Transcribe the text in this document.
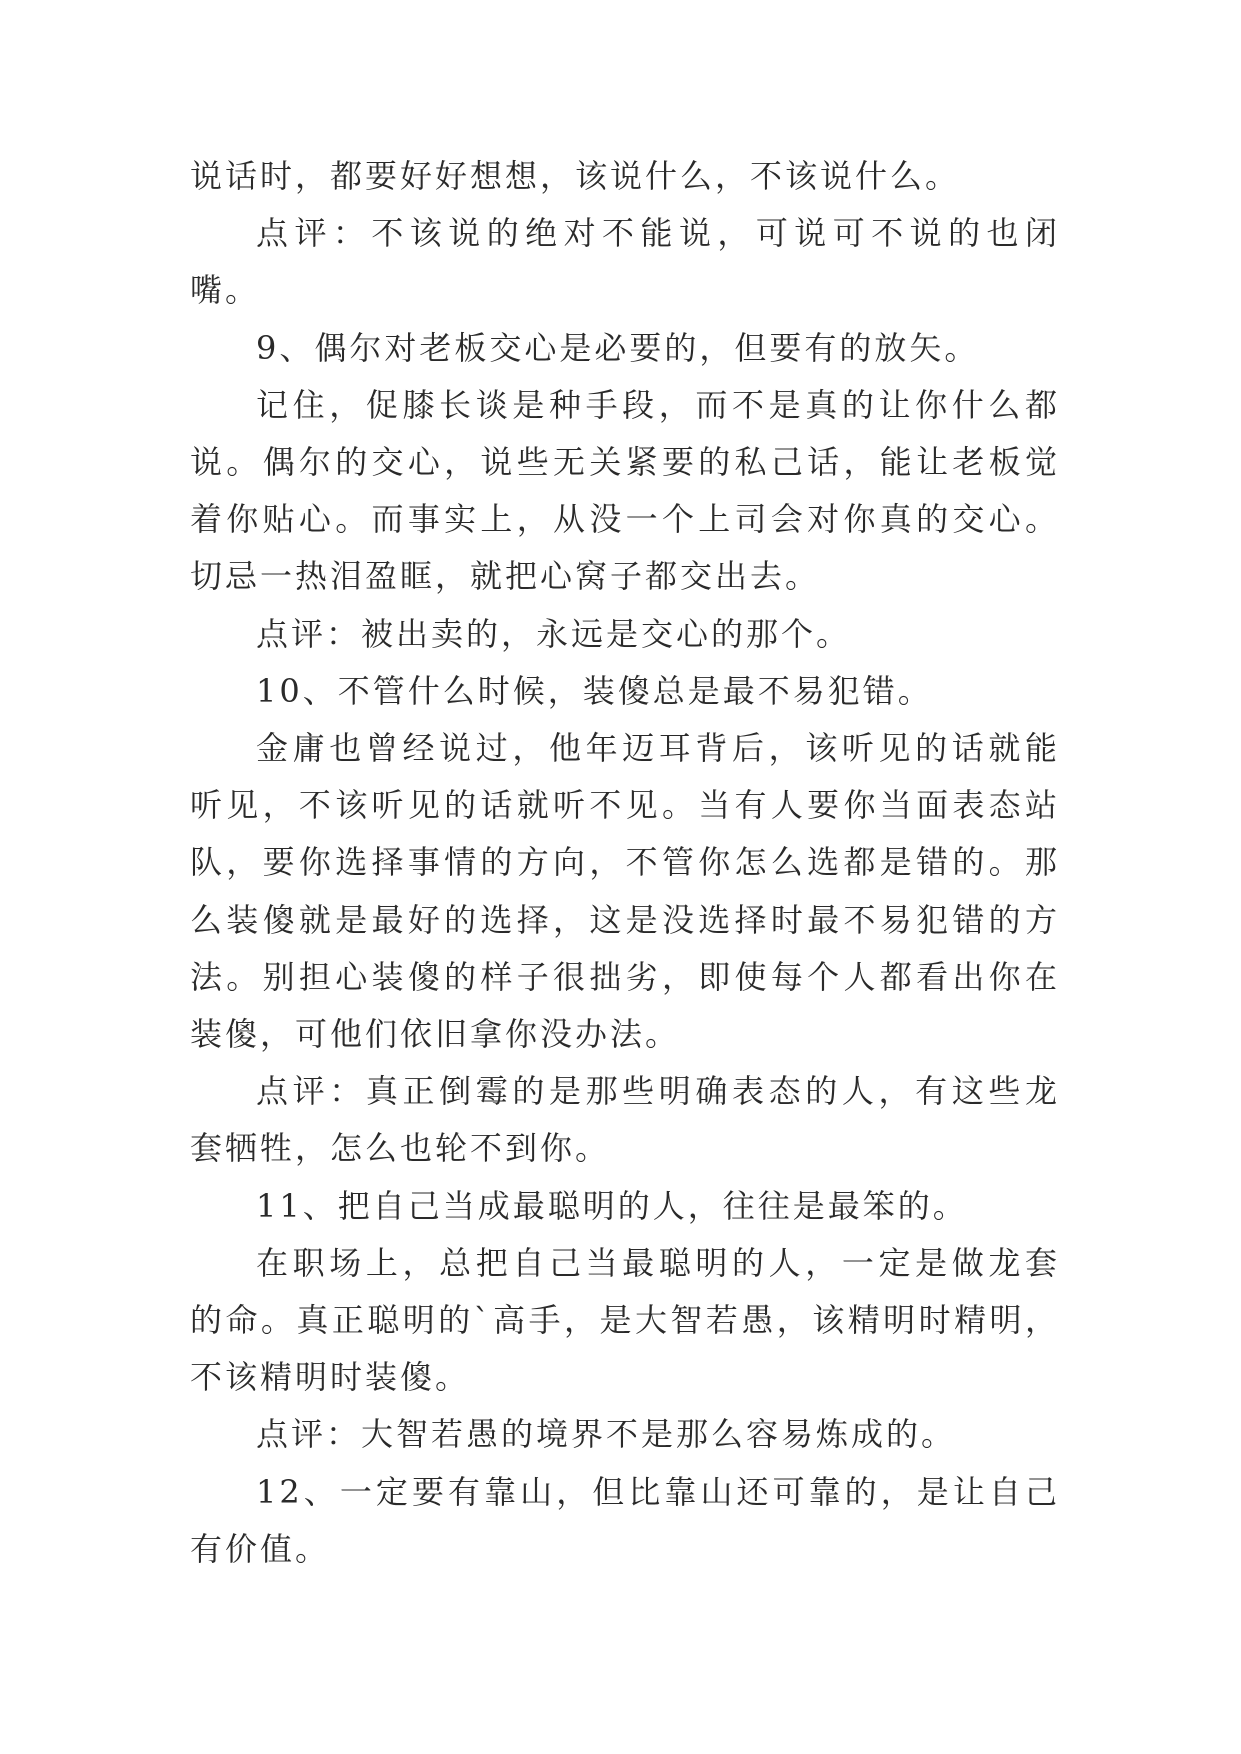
说话时，都要好好想想，该说什么，不该说什么。

点评：不该说的绝对不能说，可说可不说的也闭嘴。

9、偶尔对老板交心是必要的，但要有的放矢。

记住，促膝长谈是种手段，而不是真的让你什么都说。偶尔的交心，说些无关紧要的私己话，能让老板觉着你贴心。而事实上，从没一个上司会对你真的交心。切忌一热泪盈眶，就把心窝子都交出去。

点评：被出卖的，永远是交心的那个。

10、不管什么时候，装傻总是最不易犯错。

金庸也曾经说过，他年迈耳背后，该听见的话就能听见，不该听见的话就听不见。当有人要你当面表态站队，要你选择事情的方向，不管你怎么选都是错的。那么装傻就是最好的选择，这是没选择时最不易犯错的方法。别担心装傻的样子很拙劣，即使每个人都看出你在装傻，可他们依旧拿你没办法。

点评：真正倒霉的是那些明确表态的人，有这些龙套牺牲，怎么也轮不到你。

11、把自己当成最聪明的人，往往是最笨的。

在职场上，总把自己当最聪明的人，一定是做龙套的命。真正聪明的`高手，是大智若愚，该精明时精明，不该精明时装傻。

点评：大智若愚的境界不是那么容易炼成的。

12、一定要有靠山，但比靠山还可靠的，是让自己有价值。
